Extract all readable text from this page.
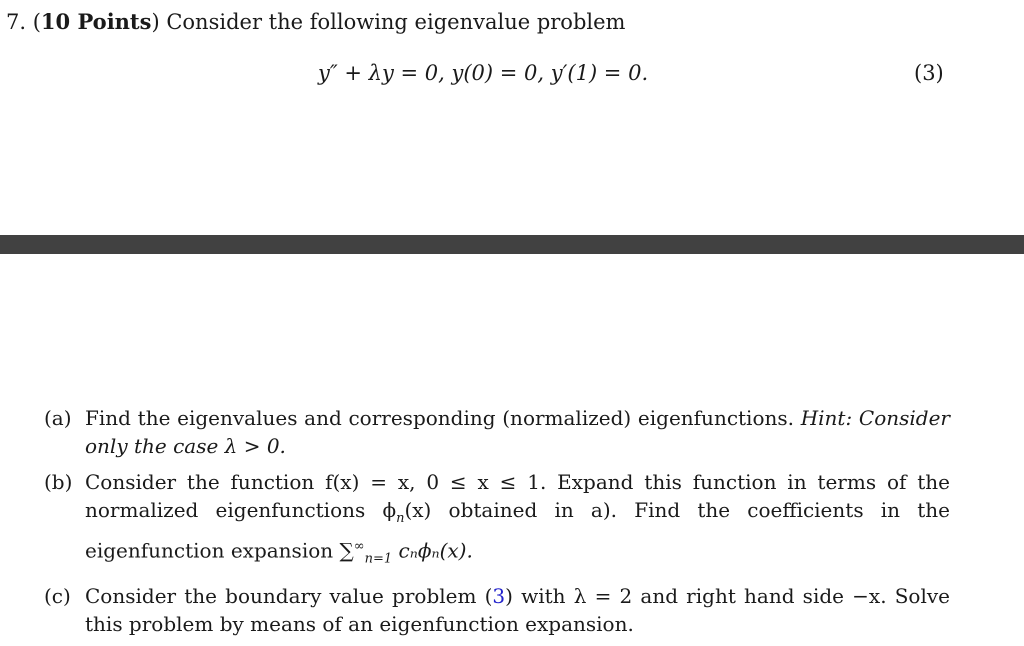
7. (10 Points) Consider the following eigenvalue problem
y″ + λy = 0, y(0) = 0, y′(1) = 0.	(3)
(a) Find the eigenvalues and corresponding (normalized) eigenfunctions. Hint: Consider only the case λ > 0.
(b) Consider the function f(x) = x, 0 ≤ x ≤ 1. Expand this function in terms of the normalized eigenfunctions $\phi_n(x)$ obtained in a). Find the coefficients in the eigenfunction expansion $\sum^\infty_{n=1}$ cₙϕₙ(x).
(c) Consider the boundary value problem (3) with λ = 2 and right hand side −x. Solve this problem by means of an eigenfunction expansion.
